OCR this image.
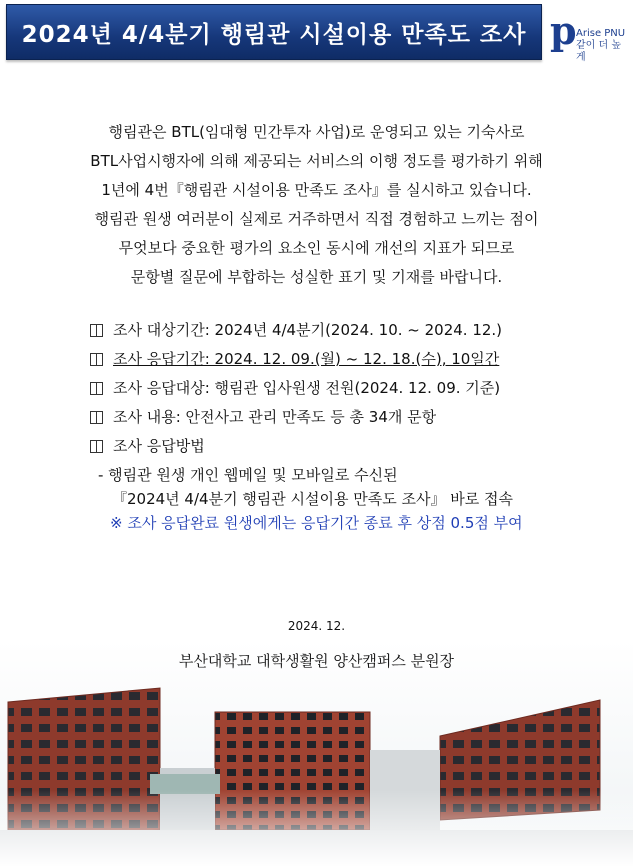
2024년 4/4분기 행림관 시설이용 만족도 조사 p Arise PNU
같이 더 높게

행림관은 BTL(임대형 민간투자 사업)로 운영되고 있는 기숙사로

BTL사업시행자에 의해 제공되는 서비스의 이행 정도를 평가하기 위해

1년에 4번『행림관 시설이용 만족도 조사』를 실시하고 있습니다.

행림관 원생 여러분이 실제로 거주하면서 직접 경험하고 느끼는 점이

무엇보다 중요한 평가의 요소인 동시에 개선의 지표가 되므로

문항별 질문에 부합하는 성실한 표기 및 기재를 바랍니다.

조사 대상기간: 2024년 4/4분기(2024. 10. ~ 2024. 12.)
조사 응답기간: 2024. 12. 09.(월) ~ 12. 18.(수), 10일간
조사 응답대상: 행림관 입사원생 전원(2024. 12. 09. 기준)
조사 내용: 안전사고 관리 만족도 등 총 34개 문항
조사 응답방법
- 행림관 원생 개인 웹메일 및 모바일로 수신된
『2024년 4/4분기 행림관 시설이용 만족도 조사』 바로 접속
※ 조사 응답완료 원생에게는 응답기간 종료 후 상점 0.5점 부여
2024. 12.
부산대학교 대학생활원 양산캠퍼스 분원장
